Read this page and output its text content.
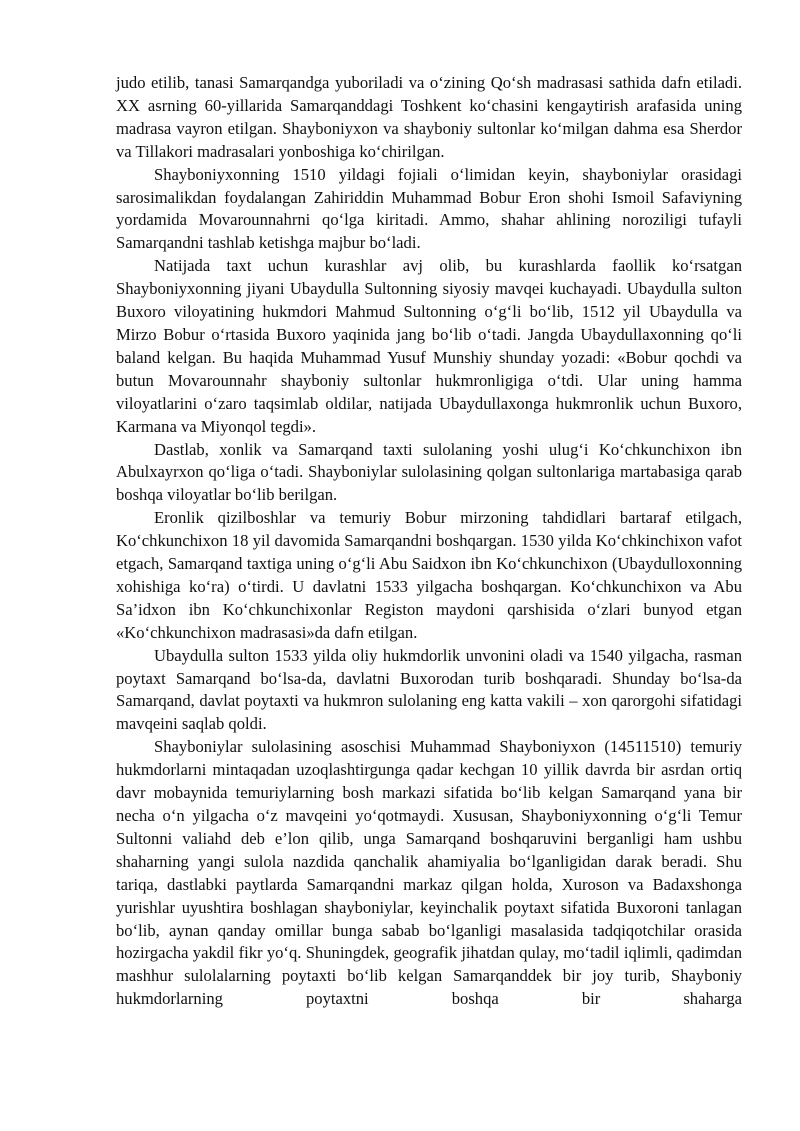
judo etilib, tanasi Samarqandga yuboriladi va o‘zining Qo‘sh madrasasi sathida dafn etiladi. XX asrning 60-yillarida Samarqanddagi Toshkent ko‘chasini kengaytirish arafasida uning madrasa vayron etilgan. Shayboniyxon va shayboniy sultonlar ko‘milgan dahma esa Sherdor va Tillakori madrasalari yonboshiga ko‘chirilgan.

Shayboniyxonning 1510 yildagi fojiali o‘limidan keyin, shayboniylar orasidagi sarosimalikdan foydalangan Zahiriddin Muhammad Bobur Eron shohi Ismoil Safaviyning yordamida Movarounnahrni qo‘lga kiritadi. Ammo, shahar ahlining noroziligi tufayli Samarqandni tashlab ketishga majbur bo‘ladi.

Natijada taxt uchun kurashlar avj olib, bu kurashlarda faollik ko‘rsatgan Shayboniyxonning jiyani Ubaydulla Sultonning siyosiy mavqei kuchayadi. Ubaydulla sulton Buxoro viloyatining hukmdori Mahmud Sultonning o‘g‘li bo‘lib, 1512 yil Ubaydulla va Mirzo Bobur o‘rtasida Buxoro yaqinida jang bo‘lib o‘tadi. Jangda Ubaydullaxonning qo‘li baland kelgan. Bu haqida Muhammad Yusuf Munshiy shunday yozadi: «Bobur qochdi va butun Movarounnahr shayboniy sultonlar hukmronligiga o‘tdi. Ular uning hamma viloyatlarini o‘zaro taqsimlab oldilar, natijada Ubaydullaxonga hukmronlik uchun Buxoro, Karmana va Miyonqol tegdi».

Dastlab, xonlik va Samarqand taxti sulolaning yoshi ulug‘i Ko‘chkunchixon ibn Abulxayrxon qo‘liga o‘tadi. Shayboniylar sulolasining qolgan sultonlariga martabasiga qarab boshqa viloyatlar bo‘lib berilgan.

Eronlik qizilboshlar va temuriy Bobur mirzoning tahdidlari bartaraf etilgach, Ko‘chkunchixon 18 yil davomida Samarqandni boshqargan. 1530 yilda Ko‘chkinchixon vafot etgach, Samarqand taxtiga uning o‘g‘li Abu Saidxon ibn Ko‘chkunchixon (Ubaydulloxonning xohishiga ko‘ra) o‘tirdi. U davlatni 1533 yilgacha boshqargan. Ko‘chkunchixon va Abu Sa’idxon ibn Ko‘chkunchixonlar Registon maydoni qarshisida o‘zlari bunyod etgan «Ko‘chkunchixon madrasasi»da dafn etilgan.

Ubaydulla sulton 1533 yilda oliy hukmdorlik unvonini oladi va 1540 yilgacha, rasman poytaxt Samarqand bo‘lsa-da, davlatni Buxorodan turib boshqaradi. Shunday bo‘lsa-da Samarqand, davlat poytaxti va hukmron sulolaning eng katta vakili – xon qarorgohi sifatidagi mavqeini saqlab qoldi.

Shayboniylar sulolasining asoschisi Muhammad Shayboniyxon (14511510) temuriy hukmdorlarni mintaqadan uzoqlashtirgunga qadar kechgan 10 yillik davrda bir asrdan ortiq davr mobaynida temuriylarning bosh markazi sifatida bo‘lib kelgan Samarqand yana bir necha o‘n yilgacha o‘z mavqeini yo‘qotmaydi. Xususan, Shayboniyxonning o‘g‘li Temur Sultonni valiahd deb e’lon qilib, unga Samarqand boshqaruvini berganligi ham ushbu shaharning yangi sulola nazdida qanchalik ahamiyalia bo‘lganligidan darak beradi. Shu tariqa, dastlabki paytlarda Samarqandni markaz qilgan holda, Xuroson va Badaxshonga yurishlar uyushtira boshlagan shayboniylar, keyinchalik poytaxt sifatida Buxoroni tanlagan bo‘lib, aynan qanday omillar bunga sabab bo‘lganligi masalasida tadqiqotchilar orasida hozirgacha yakdil fikr yo‘q. Shuningdek, geografik jihatdan qulay, mo‘tadil iqlimli, qadimdan mashhur sulolalarning poytaxti bo‘lib kelgan Samarqanddek bir joy turib, Shayboniy hukmdorlarning poytaxtni boshqa bir shaharga
